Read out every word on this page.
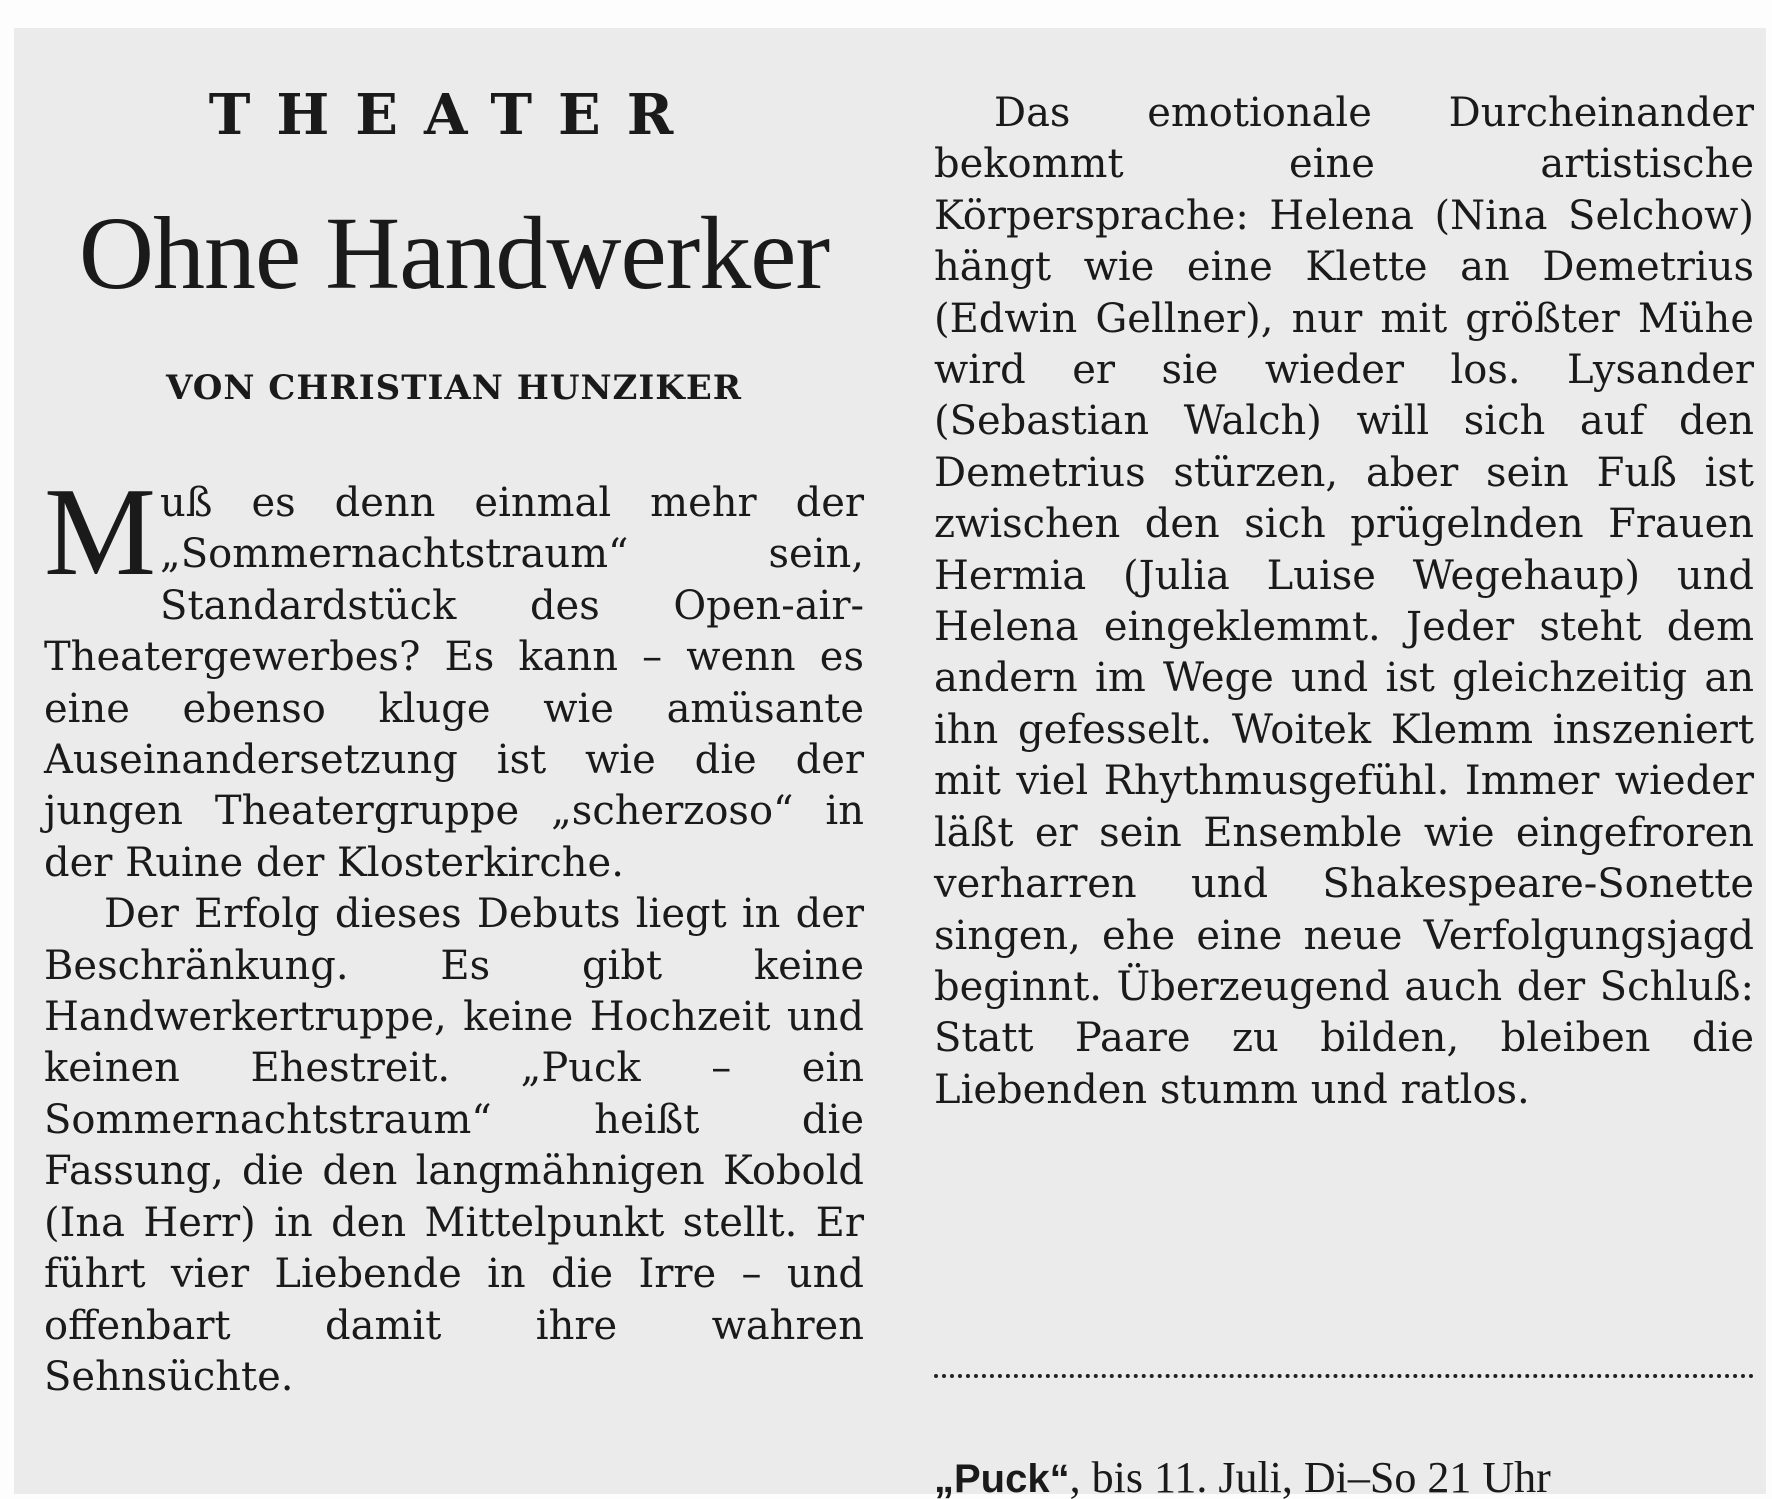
THEATER
Ohne Handwerker
VON CHRISTIAN HUNZIKER

Muß es denn einmal mehr der „Sommernachtstraum“ sein, Standardstück des Open-air-Theatergewerbes? Es kann – wenn es eine ebenso kluge wie amüsante Auseinandersetzung ist wie die der jungen Theatergruppe „scherzoso“ in der Ruine der Klosterkirche.

Der Erfolg dieses Debuts liegt in der Beschränkung. Es gibt keine Handwerkertruppe, keine Hochzeit und keinen Ehestreit. „Puck – ein Sommernachtstraum“ heißt die Fassung, die den langmähnigen Kobold (Ina Herr) in den Mittelpunkt stellt. Er führt vier Liebende in die Irre – und offenbart damit ihre wahren Sehnsüchte.

Das emotionale Durcheinander bekommt eine artistische Körpersprache: Helena (Nina Selchow) hängt wie eine Klette an Demetrius (Edwin Gellner), nur mit größter Mühe wird er sie wieder los. Lysander (Sebastian Walch) will sich auf den Demetrius stürzen, aber sein Fuß ist zwischen den sich prügelnden Frauen Hermia (Julia Luise Wegehaup) und Helena eingeklemmt. Jeder steht dem andern im Wege und ist gleichzeitig an ihn gefesselt. Woitek Klemm inszeniert mit viel Rhythmusgefühl. Immer wieder läßt er sein Ensemble wie eingefroren verharren und Shakespeare-Sonette singen, ehe eine neue Verfolgungsjagd beginnt. Überzeugend auch der Schluß: Statt Paare zu bilden, bleiben die Liebenden stumm und ratlos.

„Puck“, bis 11. Juli, Di–So 21 Uhr
